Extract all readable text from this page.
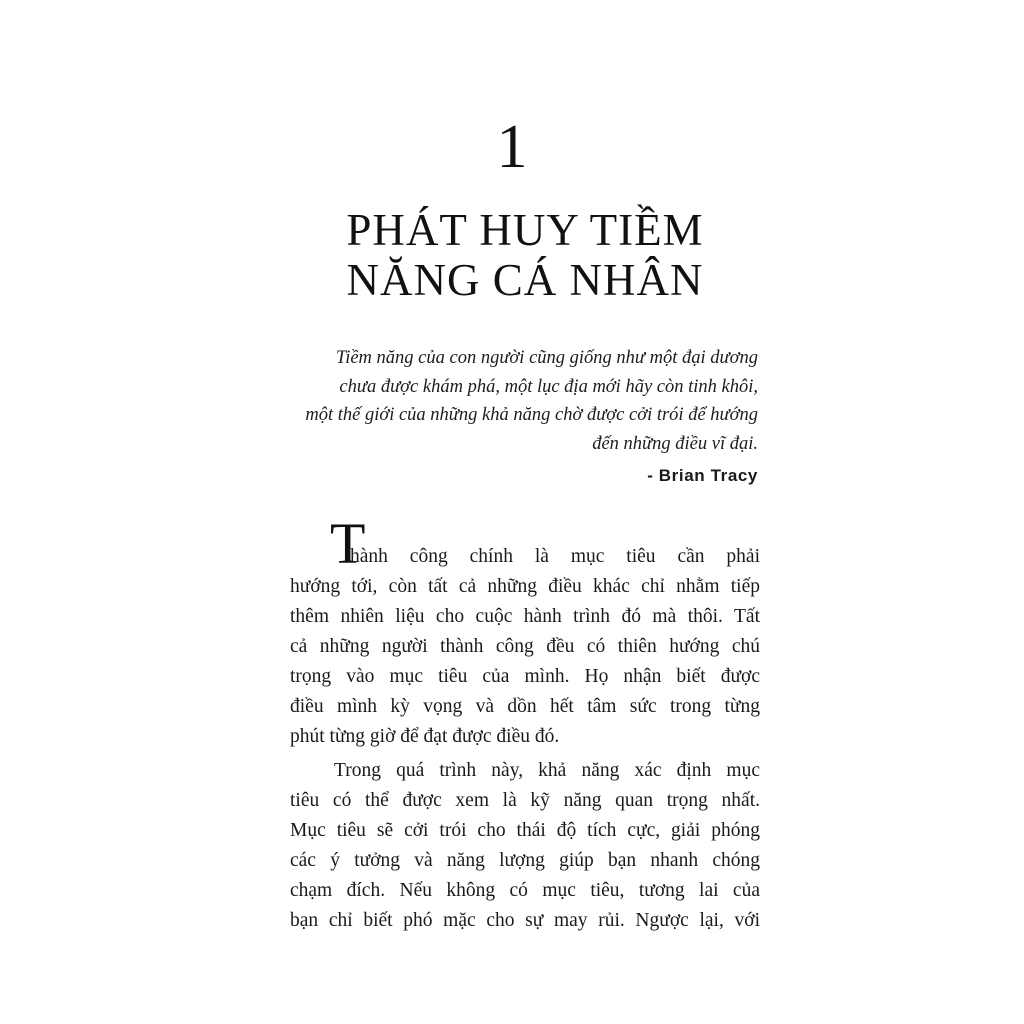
1
PHÁT HUY TIỀM
NĂNG CÁ NHÂN
Tiềm năng của con người cũng giống như một đại dương
chưa được khám phá, một lục địa mới hãy còn tinh khôi,
một thế giới của những khả năng chờ được cởi trói để hướng
đến những điều vĩ đại.
- Brian Tracy
T
hành công chính là mục tiêu cần phải
hướng tới, còn tất cả những điều khác chỉ nhằm tiếp
thêm nhiên liệu cho cuộc hành trình đó mà thôi. Tất
cả những người thành công đều có thiên hướng chú
trọng vào mục tiêu của mình. Họ nhận biết được
điều mình kỳ vọng và dồn hết tâm sức trong từng
phút từng giờ để đạt được điều đó.
Trong quá trình này, khả năng xác định mục
tiêu có thể được xem là kỹ năng quan trọng nhất.
Mục tiêu sẽ cởi trói cho thái độ tích cực, giải phóng
các ý tưởng và năng lượng giúp bạn nhanh chóng
chạm đích. Nếu không có mục tiêu, tương lai của
bạn chỉ biết phó mặc cho sự may rủi. Ngược lại, với
